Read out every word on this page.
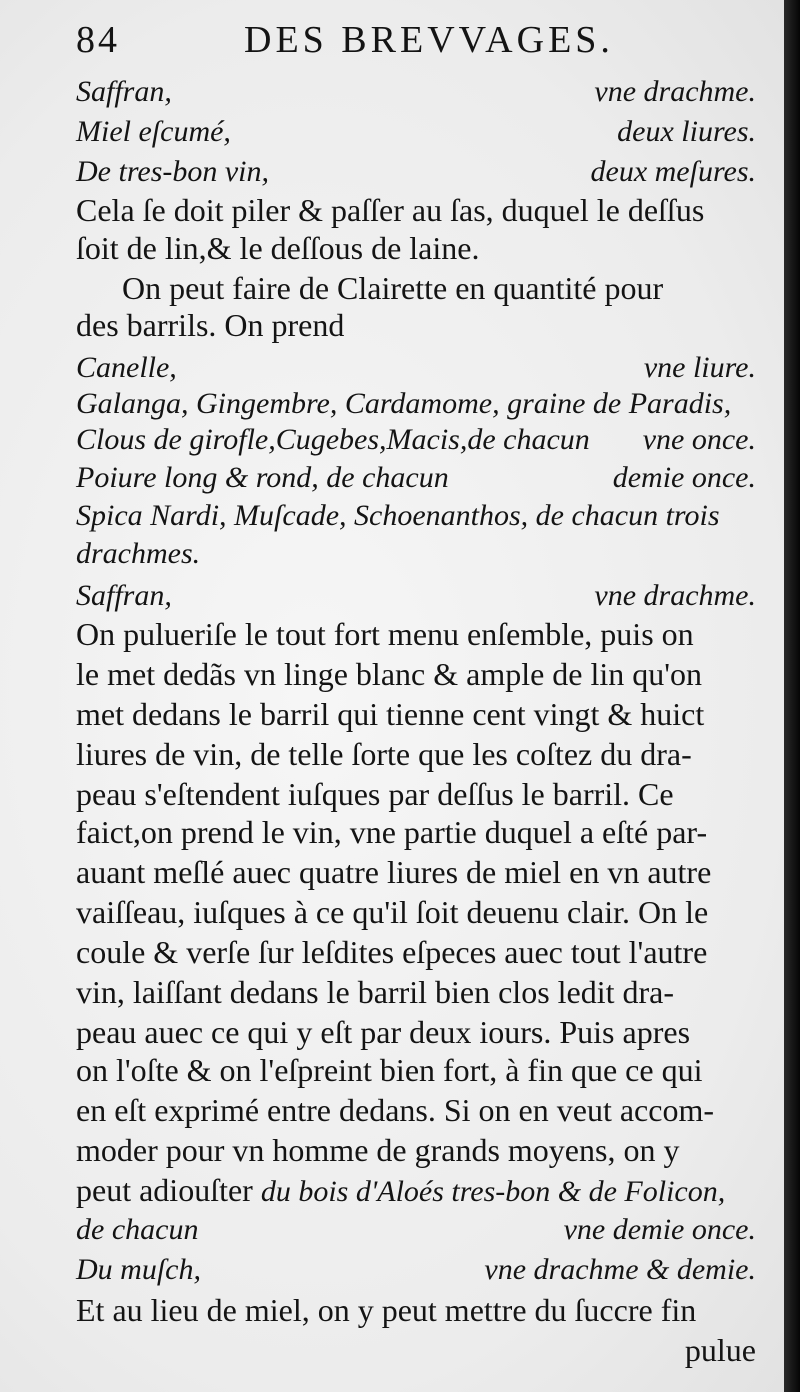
84	DES BREVVAGES.
Saffran,	vne drachme.
Miel eſcumé,	deux liures.
De tres-bon vin,	deux meſures.
Cela ſe doit piler & paſſer au ſas, duquel le deſſus
ſoit de lin,& le deſſous de laine.
On peut faire de Clairette en quantité pour
des barrils. On prend
Canelle,	vne liure.
Galanga, Gingembre, Cardamome, graine de Paradis,
Clous de girofle,Cugebes,Macis,de chacun vne once.
Poiure long & rond, de chacun	demie once.
Spica Nardi, Muſcade, Schoenanthos, de chacun trois
drachmes.
Saffran,	vne drachme.
On pulueriſe le tout fort menu enſemble, puis on
le met dedãs vn linge blanc & ample de lin qu'on
met dedans le barril qui tienne cent vingt & huict
liures de vin, de telle ſorte que les coſtez du dra-
peau s'eſtendent iuſques par deſſus le barril. Ce
faict,on prend le vin, vne partie duquel a eſté par-
auant meſlé auec quatre liures de miel en vn autre
vaiſſeau, iuſques à ce qu'il ſoit deuenu clair. On le
coule & verſe ſur leſdites eſpeces auec tout l'autre
vin, laiſſant dedans le barril bien clos ledit dra-
peau auec ce qui y eſt par deux iours. Puis apres
on l'oſte & on l'eſpreint bien fort, à fin que ce qui
en eſt exprimé entre dedans. Si on en veut accom-
moder pour vn homme de grands moyens, on y
peut adiouſter du bois d'Aloés tres-bon & de Folicon,
de chacun	vne demie once.
Du muſch,	vne drachme & demie.
Et au lieu de miel, on y peut mettre du ſuccre fin
pulue
